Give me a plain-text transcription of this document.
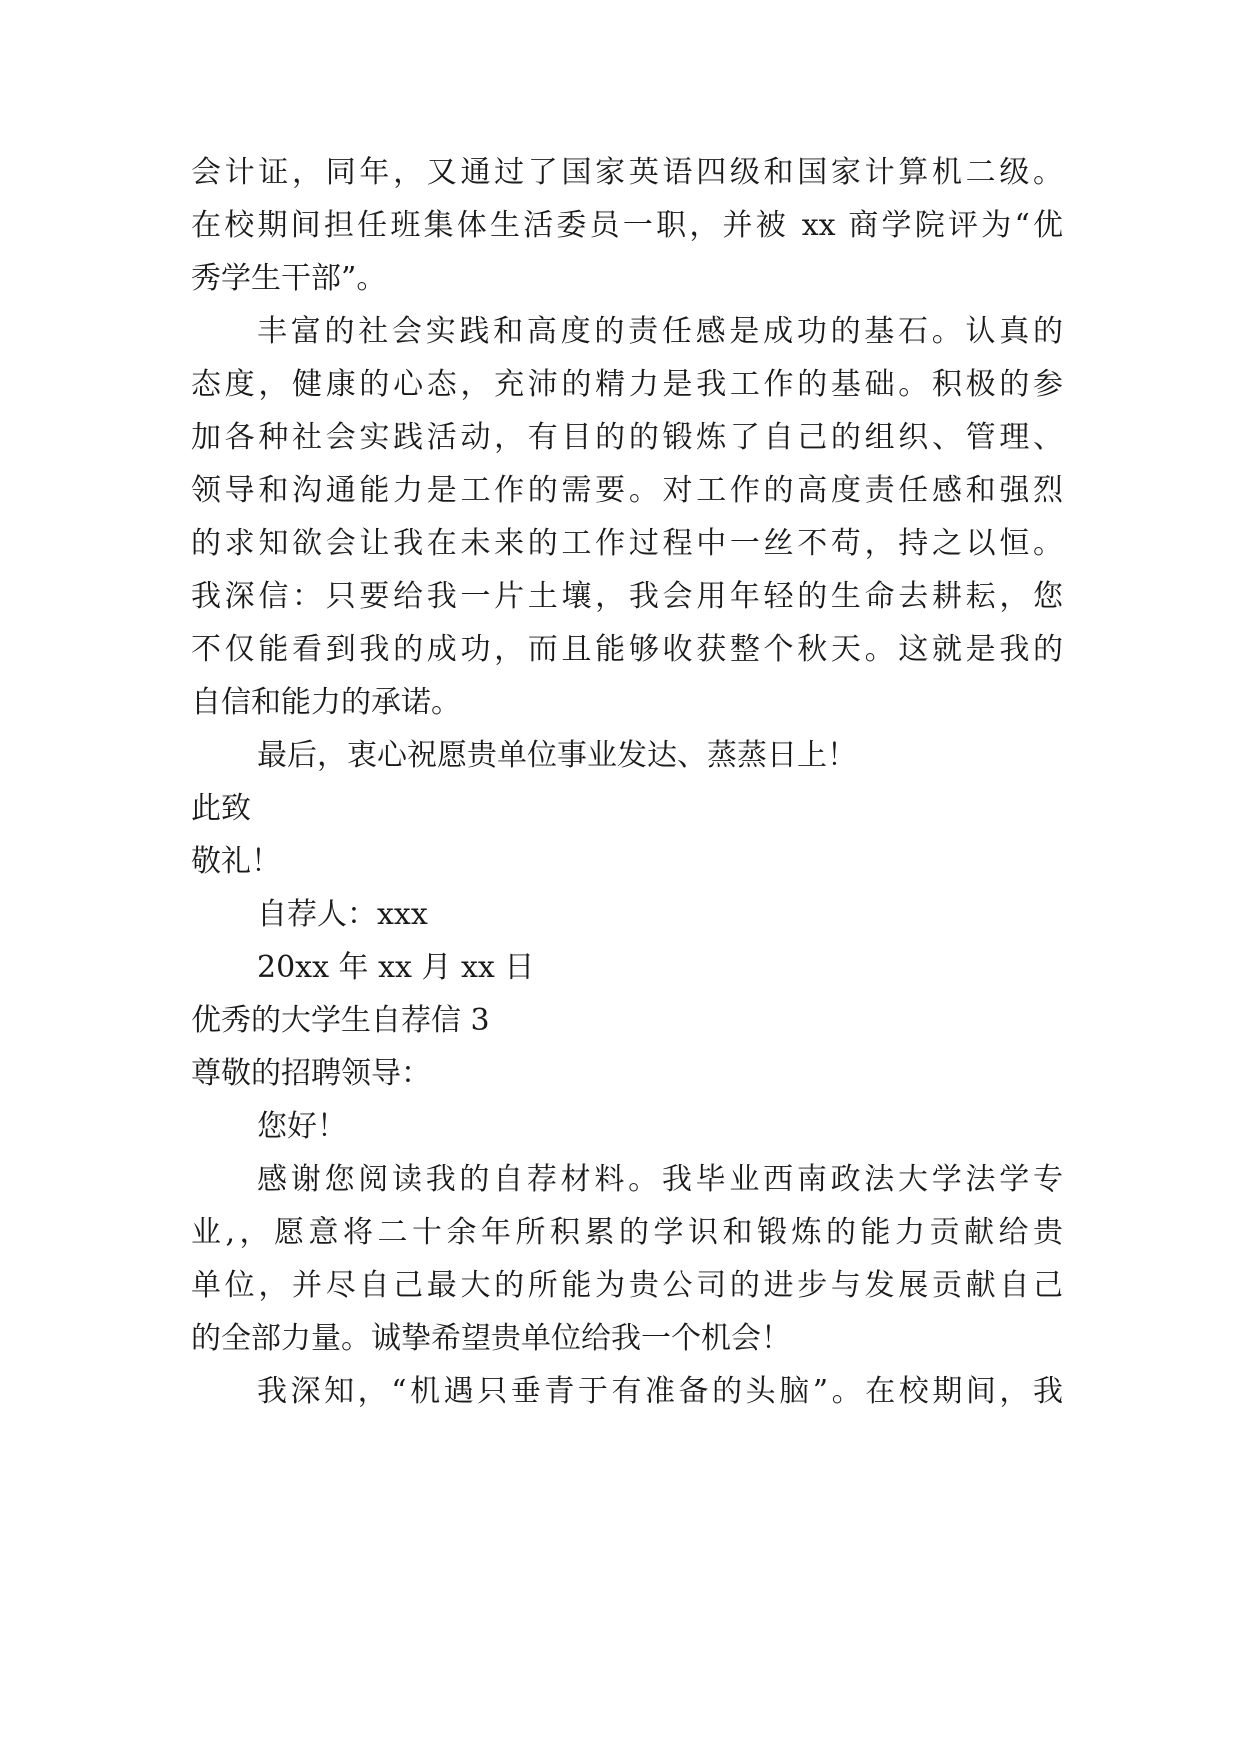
会计证，同年，又通过了国家英语四级和国家计算机二级。

在校期间担任班集体生活委员一职，并被 xx 商学院评为“优

秀学生干部”。

丰富的社会实践和高度的责任感是成功的基石。认真的

态度，健康的心态，充沛的精力是我工作的基础。积极的参

加各种社会实践活动，有目的的锻炼了自己的组织、管理、

领导和沟通能力是工作的需要。对工作的高度责任感和强烈

的求知欲会让我在未来的工作过程中一丝不苟，持之以恒。

我深信：只要给我一片土壤，我会用年轻的生命去耕耘，您

不仅能看到我的成功，而且能够收获整个秋天。这就是我的

自信和能力的承诺。

最后，衷心祝愿贵单位事业发达、蒸蒸日上！

此致

敬礼！

自荐人：xxx

20xx 年 xx 月 xx 日

优秀的大学生自荐信 3

尊敬的招聘领导：

您好！

感谢您阅读我的自荐材料。我毕业西南政法大学法学专

业,，愿意将二十余年所积累的学识和锻炼的能力贡献给贵

单位，并尽自己最大的所能为贵公司的进步与发展贡献自己

的全部力量。诚挚希望贵单位给我一个机会！

我深知，“机遇只垂青于有准备的头脑”。在校期间，我
